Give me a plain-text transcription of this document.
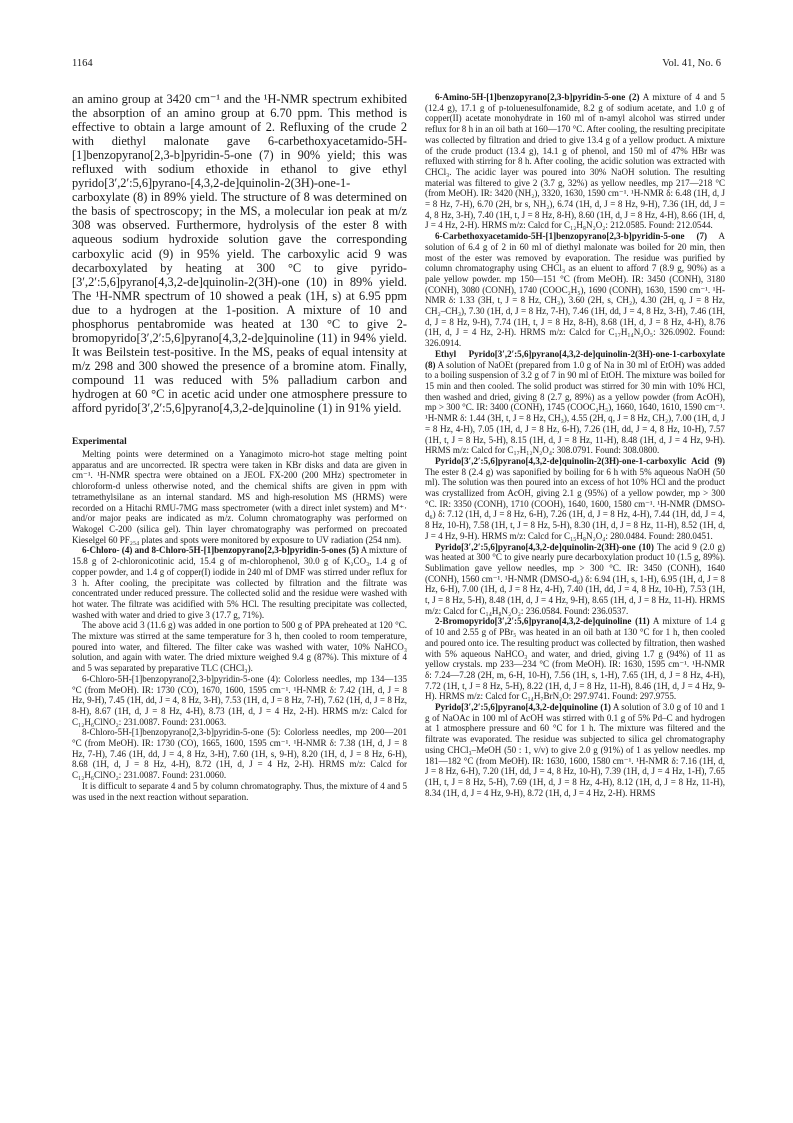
1164	Vol. 41, No. 6

an amino group at 3420 cm⁻¹ and the ¹H-NMR spectrum exhibited the absorption of an amino group at 6.70 ppm. This method is effective to obtain a large amount of 2. Refluxing of the crude 2 with diethyl malonate gave 6-carbethoxyacetamido-5H-[1]benzopyrano[2,3-b]pyridin-5-one (7) in 90% yield; this was refluxed with sodium ethoxide in ethanol to give ethyl pyrido[3′,2′:5,6]pyrano-[4,3,2-de]quinolin-2(3H)-one-1-carboxylate (8) in 89% yield. The structure of 8 was determined on the basis of spectroscopy; in the MS, a molecular ion peak at m/z 308 was observed. Furthermore, hydrolysis of the ester 8 with aqueous sodium hydroxide solution gave the corresponding carboxylic acid (9) in 95% yield. The carboxylic acid 9 was decarboxylated by heating at 300 °C to give pyrido-[3′,2′:5,6]pyrano[4,3,2-de]quinolin-2(3H)-one (10) in 89% yield. The ¹H-NMR spectrum of 10 showed a peak (1H, s) at 6.95 ppm due to a hydrogen at the 1-position. A mixture of 10 and phosphorus pentabromide was heated at 130 °C to give 2-bromopyrido[3′,2′:5,6]pyrano[4,3,2-de]quinoline (11) in 94% yield. It was Beilstein test-positive. In the MS, peaks of equal intensity at m/z 298 and 300 showed the presence of a bromine atom. Finally, compound 11 was reduced with 5% palladium carbon and hydrogen at 60 °C in acetic acid under one atmosphere pressure to afford pyrido[3′,2′:5,6]pyrano[4,3,2-de]quinoline (1) in 91% yield.

Experimental

Melting points were determined on a Yanagimoto micro-hot stage melting point apparatus and are uncorrected. IR spectra were taken in KBr disks and data are given in cm⁻¹. ¹H-NMR spectra were obtained on a JEOL FX-200 (200 MHz) spectrometer in chloroform-d unless otherwise noted, and the chemical shifts are given in ppm with tetramethylsilane as an internal standard. MS and high-resolution MS (HRMS) were recorded on a Hitachi RMU-7MG mass spectrometer (with a direct inlet system) and M⁺· and/or major peaks are indicated as m/z. Column chromatography was performed on Wakogel C-200 (silica gel). Thin layer chromatography was performed on precoated Kieselgel 60 PF₂₅₄ plates and spots were monitored by exposure to UV radiation (254 nm).

6-Chloro- (4) and 8-Chloro-5H-[1]benzopyrano[2,3-b]pyridin-5-ones (5) A mixture of 15.8 g of 2-chloronicotinic acid, 15.4 g of m-chlorophenol, 30.0 g of K₂CO₃, 1.4 g of copper powder, and 1.4 g of copper(I) iodide in 240 ml of DMF was stirred under reflux for 3 h. After cooling, the precipitate was collected by filtration and the filtrate was concentrated under reduced pressure. The collected solid and the residue were washed with hot water. The filtrate was acidified with 5% HCl. The resulting precipitate was collected, washed with water and dried to give 3 (17.7 g, 71%).

The above acid 3 (11.6 g) was added in one portion to 500 g of PPA preheated at 120 °C. The mixture was stirred at the same temperature for 3 h, then cooled to room temperature, poured into water, and filtered. The filter cake was washed with water, 10% NaHCO₃ solution, and again with water. The dried mixture weighed 9.4 g (87%). This mixture of 4 and 5 was separated by preparative TLC (CHCl₃).

6-Chloro-5H-[1]benzopyrano[2,3-b]pyridin-5-one (4): Colorless needles, mp 134—135 °C (from MeOH). IR: 1730 (CO), 1670, 1600, 1595 cm⁻¹. ¹H-NMR δ: 7.42 (1H, d, J = 8 Hz, 9-H), 7.45 (1H, dd, J = 4, 8 Hz, 3-H), 7.53 (1H, d, J = 8 Hz, 7-H), 7.62 (1H, d, J = 8 Hz, 8-H), 8.67 (1H, d, J = 8 Hz, 4-H), 8.73 (1H, d, J = 4 Hz, 2-H). HRMS m/z: Calcd for C₁₂H₆ClNO₂: 231.0087. Found: 231.0063.

8-Chloro-5H-[1]benzopyrano[2,3-b]pyridin-5-one (5): Colorless needles, mp 200—201 °C (from MeOH). IR: 1730 (CO), 1665, 1600, 1595 cm⁻¹. ¹H-NMR δ: 7.38 (1H, d, J = 8 Hz, 7-H), 7.46 (1H, dd, J = 4, 8 Hz, 3-H), 7.60 (1H, s, 9-H), 8.20 (1H, d, J = 8 Hz, 6-H), 8.68 (1H, d, J = 8 Hz, 4-H), 8.72 (1H, d, J = 4 Hz, 2-H). HRMS m/z: Calcd for C₁₂H₆ClNO₂: 231.0087. Found: 231.0060.

It is difficult to separate 4 and 5 by column chromatography. Thus, the mixture of 4 and 5 was used in the next reaction without separation.

6-Amino-5H-[1]benzopyrano[2,3-b]pyridin-5-one (2) A mixture of 4 and 5 (12.4 g), 17.1 g of p-toluenesulfonamide, 8.2 g of sodium acetate, and 1.0 g of copper(II) acetate monohydrate in 160 ml of n-amyl alcohol was stirred under reflux for 8 h in an oil bath at 160—170 °C. After cooling, the resulting precipitate was collected by filtration and dried to give 13.4 g of a yellow product. A mixture of the crude product (13.4 g), 14.1 g of phenol, and 150 ml of 47% HBr was refluxed with stirring for 8 h. After cooling, the acidic solution was extracted with CHCl₃. The acidic layer was poured into 30% NaOH solution. The resulting material was filtered to give 2 (3.7 g, 32%) as yellow needles, mp 217—218 °C (from MeOH). IR: 3420 (NH₂), 3320, 1630, 1590 cm⁻¹. ¹H-NMR δ: 6.48 (1H, d, J = 8 Hz, 7-H), 6.70 (2H, br s, NH₂), 6.74 (1H, d, J = 8 Hz, 9-H), 7.36 (1H, dd, J = 4, 8 Hz, 3-H), 7.40 (1H, t, J = 8 Hz, 8-H), 8.60 (1H, d, J = 8 Hz, 4-H), 8.66 (1H, d, J = 4 Hz, 2-H). HRMS m/z: Calcd for C₁₂H₈N₂O₂: 212.0585. Found: 212.0544.

6-Carbethoxyacetamido-5H-[1]benzopyrano[2,3-b]pyridin-5-one (7) A solution of 6.4 g of 2 in 60 ml of diethyl malonate was boiled for 20 min, then most of the ester was removed by evaporation. The residue was purified by column chromatography using CHCl₃ as an eluent to afford 7 (8.9 g, 90%) as a pale yellow powder. mp 150—151 °C (from MeOH). IR: 3450 (CONH), 3180 (CONH), 3080 (CONH), 1740 (COOC₂H₅), 1690 (CONH), 1630, 1590 cm⁻¹. ¹H-NMR δ: 1.33 (3H, t, J = 8 Hz, CH₃), 3.60 (2H, s, CH₂), 4.30 (2H, q, J = 8 Hz, CH₂–CH₃), 7.30 (1H, d, J = 8 Hz, 7-H), 7.46 (1H, dd, J = 4, 8 Hz, 3-H), 7.46 (1H, d, J = 8 Hz, 9-H), 7.74 (1H, t, J = 8 Hz, 8-H), 8.68 (1H, d, J = 8 Hz, 4-H), 8.76 (1H, d, J = 4 Hz, 2-H). HRMS m/z: Calcd for C₁₇H₁₄N₂O₅: 326.0902. Found: 326.0914.

Ethyl Pyrido[3′,2′:5,6]pyrano[4,3,2-de]quinolin-2(3H)-one-1-carboxylate (8) A solution of NaOEt (prepared from 1.0 g of Na in 30 ml of EtOH) was added to a boiling suspension of 3.2 g of 7 in 90 ml of EtOH. The mixture was boiled for 15 min and then cooled. The solid product was stirred for 30 min with 10% HCl, then washed and dried, giving 8 (2.7 g, 89%) as a yellow powder (from AcOH), mp > 300 °C. IR: 3400 (CONH), 1745 (COOC₂H₅), 1660, 1640, 1610, 1590 cm⁻¹. ¹H-NMR δ: 1.44 (3H, t, J = 8 Hz, CH₃), 4.55 (2H, q, J = 8 Hz, CH₂), 7.00 (1H, d, J = 8 Hz, 4-H), 7.05 (1H, d, J = 8 Hz, 6-H), 7.26 (1H, dd, J = 4, 8 Hz, 10-H), 7.57 (1H, t, J = 8 Hz, 5-H), 8.15 (1H, d, J = 8 Hz, 11-H), 8.48 (1H, d, J = 4 Hz, 9-H). HRMS m/z: Calcd for C₁₇H₁₂N₂O₄: 308.0791. Found: 308.0800.

Pyrido[3′,2′:5,6]pyrano[4,3,2-de]quinolin-2(3H)-one-1-carboxylic Acid (9) The ester 8 (2.4 g) was saponified by boiling for 6 h with 5% aqueous NaOH (50 ml). The solution was then poured into an excess of hot 10% HCl and the product was crystallized from AcOH, giving 2.1 g (95%) of a yellow powder, mp > 300 °C. IR: 3350 (CONH), 1710 (COOH), 1640, 1600, 1580 cm⁻¹. ¹H-NMR (DMSO-d₆) δ: 7.12 (1H, d, J = 8 Hz, 6-H), 7.26 (1H, d, J = 8 Hz, 4-H), 7.44 (1H, dd, J = 4, 8 Hz, 10-H), 7.58 (1H, t, J = 8 Hz, 5-H), 8.30 (1H, d, J = 8 Hz, 11-H), 8.52 (1H, d, J = 4 Hz, 9-H). HRMS m/z: Calcd for C₁₅H₈N₂O₄: 280.0484. Found: 280.0451.

Pyrido[3′,2′:5,6]pyrano[4,3,2-de]quinolin-2(3H)-one (10) The acid 9 (2.0 g) was heated at 300 °C to give nearly pure decarboxylation product 10 (1.5 g, 89%). Sublimation gave yellow needles, mp > 300 °C. IR: 3450 (CONH), 1640 (CONH), 1560 cm⁻¹. ¹H-NMR (DMSO-d₆) δ: 6.94 (1H, s, 1-H), 6.95 (1H, d, J = 8 Hz, 6-H), 7.00 (1H, d, J = 8 Hz, 4-H), 7.40 (1H, dd, J = 4, 8 Hz, 10-H), 7.53 (1H, t, J = 8 Hz, 5-H), 8.48 (1H, d, J = 4 Hz, 9-H), 8.65 (1H, d, J = 8 Hz, 11-H). HRMS m/z: Calcd for C₁₄H₈N₂O₂: 236.0584. Found: 236.0537.

2-Bromopyrido[3′,2′:5,6]pyrano[4,3,2-de]quinoline (11) A mixture of 1.4 g of 10 and 2.55 g of PBr₅ was heated in an oil bath at 130 °C for 1 h, then cooled and poured onto ice. The resulting product was collected by filtration, then washed with 5% aqueous NaHCO₃ and water, and dried, giving 1.7 g (94%) of 11 as yellow crystals. mp 233—234 °C (from MeOH). IR: 1630, 1595 cm⁻¹. ¹H-NMR δ: 7.24—7.28 (2H, m, 6-H, 10-H), 7.56 (1H, s, 1-H), 7.65 (1H, d, J = 8 Hz, 4-H), 7.72 (1H, t, J = 8 Hz, 5-H), 8.22 (1H, d, J = 8 Hz, 11-H), 8.46 (1H, d, J = 4 Hz, 9-H). HRMS m/z: Calcd for C₁₄H₇BrN₂O: 297.9741. Found: 297.9755.

Pyrido[3′,2′:5,6]pyrano[4,3,2-de]quinoline (1) A solution of 3.0 g of 10 and 1 g of NaOAc in 100 ml of AcOH was stirred with 0.1 g of 5% Pd–C and hydrogen at 1 atmosphere pressure and 60 °C for 1 h. The mixture was filtered and the filtrate was evaporated. The residue was subjected to silica gel chromatography using CHCl₃–MeOH (50 : 1, v/v) to give 2.0 g (91%) of 1 as yellow needles. mp 181—182 °C (from MeOH). IR: 1630, 1600, 1580 cm⁻¹. ¹H-NMR δ: 7.16 (1H, d, J = 8 Hz, 6-H), 7.20 (1H, dd, J = 4, 8 Hz, 10-H), 7.39 (1H, d, J = 4 Hz, 1-H), 7.65 (1H, t, J = 8 Hz, 5-H), 7.69 (1H, d, J = 8 Hz, 4-H), 8.12 (1H, d, J = 8 Hz, 11-H), 8.34 (1H, d, J = 4 Hz, 9-H), 8.72 (1H, d, J = 4 Hz, 2-H). HRMS
